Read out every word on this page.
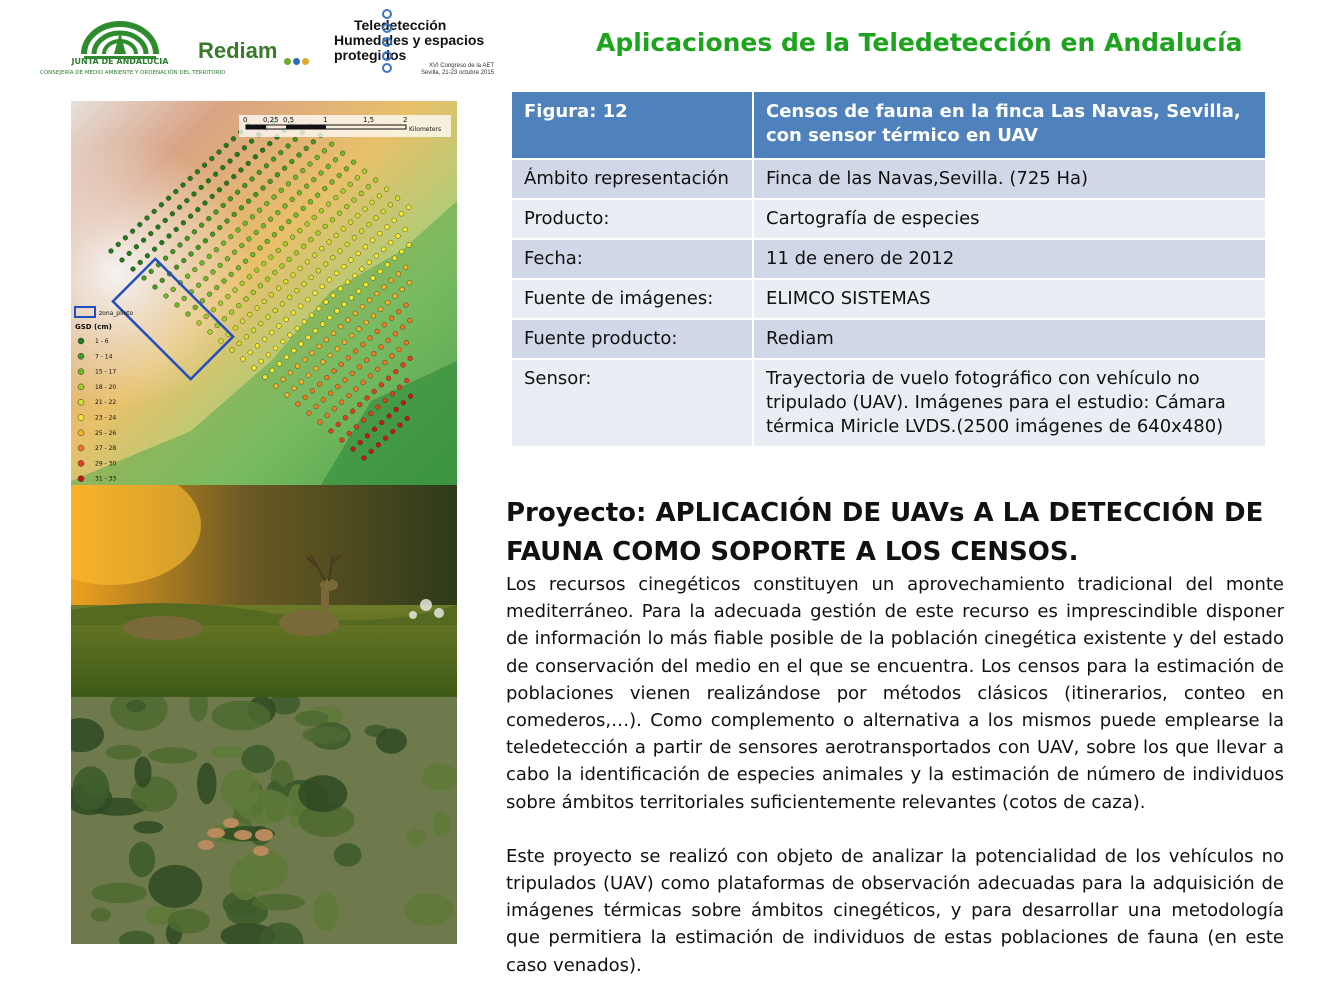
JUNTA DE ANDALUCIA
CONSEJERÍA DE MEDIO AMBIENTE Y ORDENACIÓN DEL TERRITORIO
Rediam
Teledetección
Humedales y espacios
protegidos
XVI Congreso de la AET
Sevilla, 21-23 octubre 2015
Aplicaciones de la Teledetección en Andalucía
0 0,25 0,5	1	1,5	2
Kilometers
zona_piloto
GSD (cm)
1 - 6
7 - 14
15 - 17
18 - 20
21 - 22
23 - 24
25 - 26
27 - 28
29 - 30
31 - 33
Figura: 12	Censos de fauna en la finca Las Navas, Sevilla, con sensor térmico en UAV
Ámbito representación	Finca de las Navas,Sevilla. (725 Ha)
Producto:	Cartografía de especies
Fecha:	11 de enero de 2012
Fuente de imágenes:	ELIMCO SISTEMAS
Fuente producto:	Rediam
Sensor:	Trayectoria de vuelo fotográfico con vehículo no tripulado (UAV). Imágenes para el estudio: Cámara térmica Miricle LVDS.(2500 imágenes de 640x480)
Proyecto: APLICACIÓN DE UAVs A LA DETECCIÓN DE FAUNA COMO SOPORTE A LOS CENSOS.

Los recursos cinegéticos constituyen un aprovechamiento tradicional del monte mediterráneo. Para la adecuada gestión de este recurso es imprescindible disponer de información lo más fiable posible de la población cinegética existente y del estado de conservación del medio en el que se encuentra. Los censos para la estimación de poblaciones vienen realizándose por métodos clásicos (itinerarios, conteo en comederos,…). Como complemento o alternativa a los mismos puede emplearse la teledetección a partir de sensores aerotransportados con UAV, sobre los que llevar a cabo la identificación de especies animales y la estimación de número de individuos sobre ámbitos territoriales suficientemente relevantes (cotos de caza).

Este proyecto se realizó con objeto de analizar la potencialidad de los vehículos no tripulados (UAV) como plataformas de observación adecuadas para la adquisición de imágenes térmicas sobre ámbitos cinegéticos, y para desarrollar una metodología que permitiera la estimación de individuos de estas poblaciones de fauna (en este caso venados).
